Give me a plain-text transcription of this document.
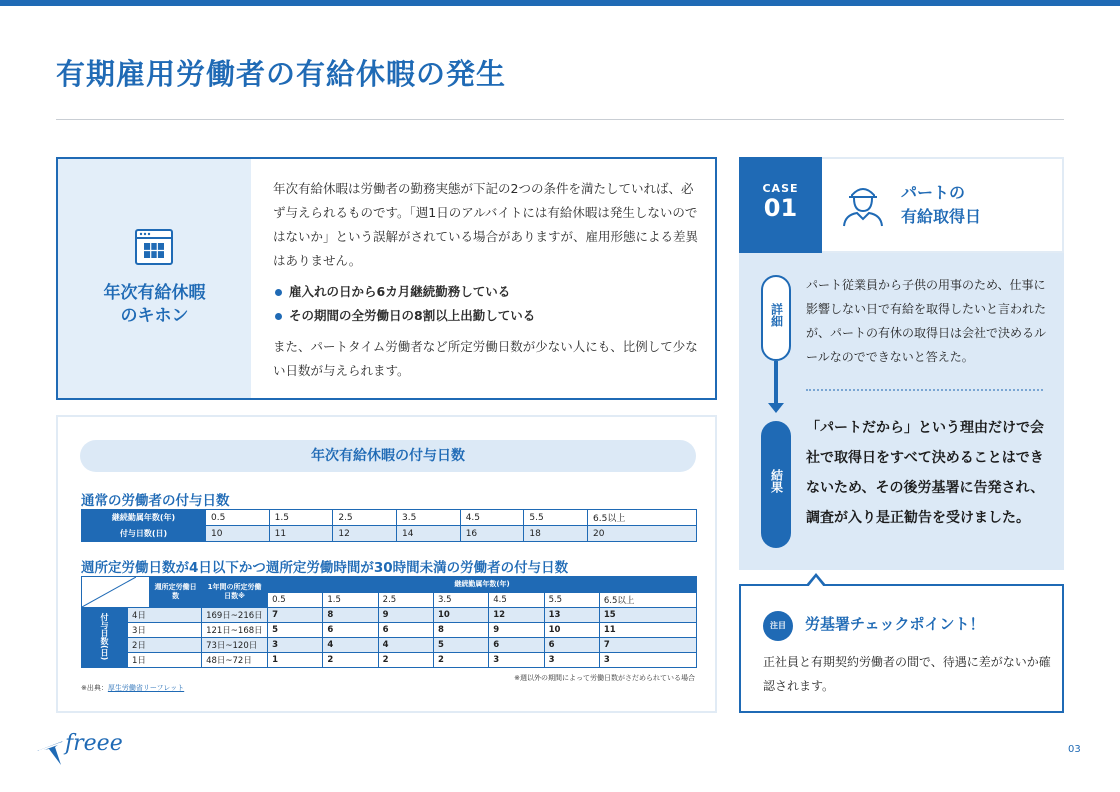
有期雇用労働者の有給休暇の発生
年次有給休暇
のキホン

年次有給休暇は労働者の勤務実態が下記の2つの条件を満たしていれば、必ず与えられるものです。「週1日のアルバイトには有給休暇は発生しないのではないか」という誤解がされている場合がありますが、雇用形態による差異はありません。

雇入れの日から6カ月継続勤務している
その期間の全労働日の8割以上出勤している

また、パートタイム労働者など所定労働日数が少ない人にも、比例して少ない日数が与えられます。

年次有給休暇の付与日数
通常の労働者の付与日数
継続勤属年数(年)	0.5	1.5	2.5	3.5	4.5	5.5	6.5以上
付与日数(日)	10	11	12	14	16	18	20
週所定労働日数が4日以下かつ週所定労働時間が30時間未満の労働者の付与日数
	週所定労働日数	1年間の所定労働日数※	継続勤属年数(年)						
				0.5	1.5	2.5	3.5	4.5	5.5	6.5以上
付与日数(日)	4日		169日~216日	7	8	9	10	12	13	15
	3日		121日~168日	5	6	6	8	9	10	11
	2日		73日~120日	3	4	4	5	6	6	7
	1日		48日~72日	1	2	2	2	3	3	3
※週以外の期間によって労働日数がさだめられている場合
※出典：厚生労働省リーフレット
CASE
01
パートの
有給取得日
詳細
結果

パート従業員から子供の用事のため、仕事に影響しない日で有給を取得したいと言われたが、パートの有休の取得日は会社で決めるルールなのでできないと答えた。

「パートだから」という理由だけで会社で取得日をすべて決めることはできないため、その後労基署に告発され、調査が入り是正勧告を受けました。

注目	労基署チェックポイント！

正社員と有期契約労働者の間で、待遇に差がないか確認されます。

freee	03
